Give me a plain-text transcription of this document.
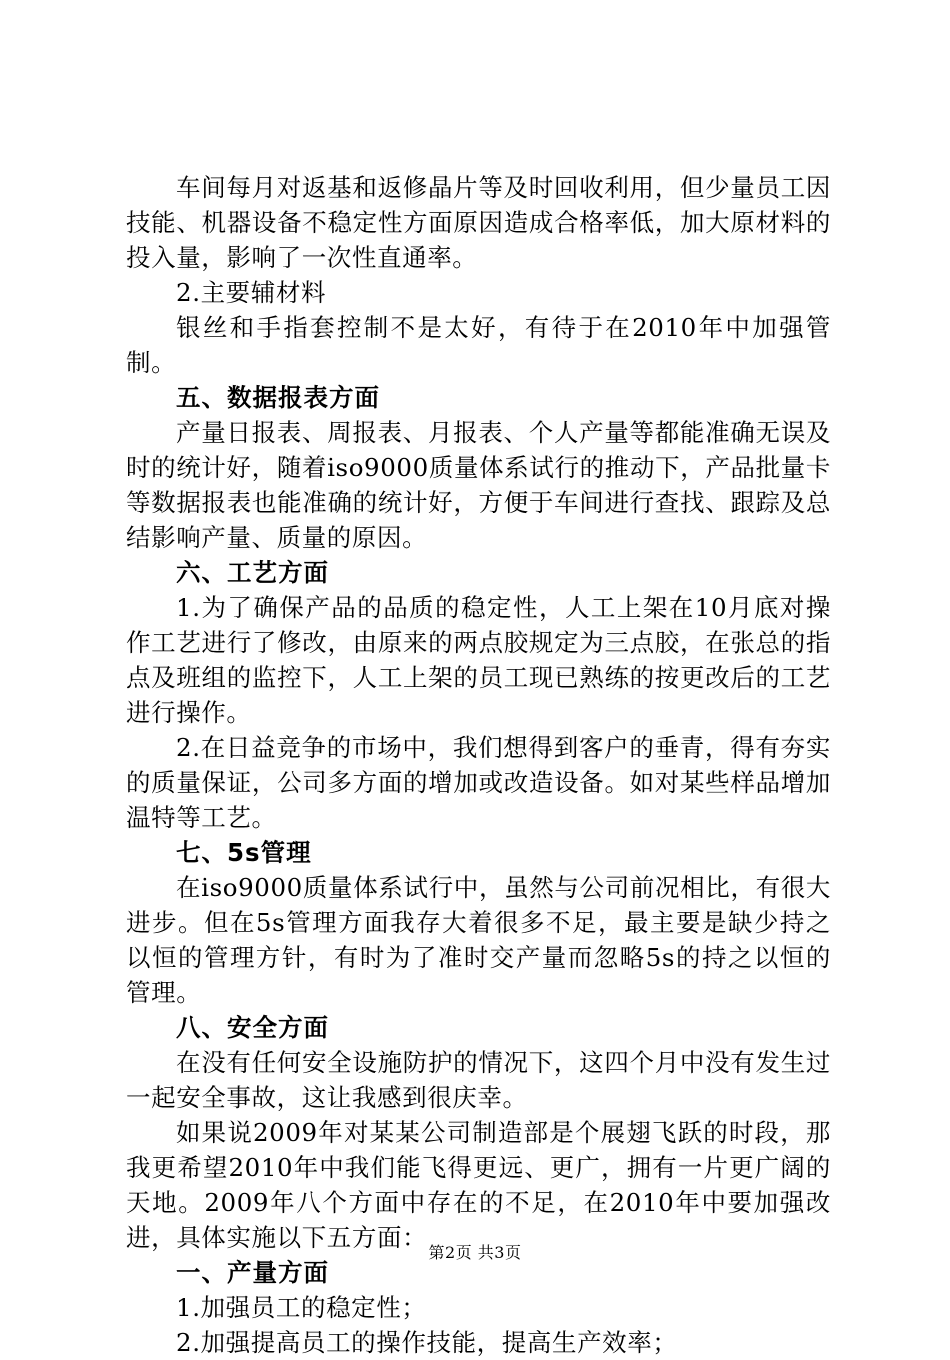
车间每月对返基和返修晶片等及时回收利用，但少量员工因技能、机器设备不稳定性方面原因造成合格率低，加大原材料的投入量，影响了一次性直通率。

2.主要辅材料

银丝和手指套控制不是太好，有待于在2010年中加强管制。

五、数据报表方面

产量日报表、周报表、月报表、个人产量等都能准确无误及时的统计好，随着iso9000质量体系试行的推动下，产品批量卡等数据报表也能准确的统计好，方便于车间进行查找、跟踪及总结影响产量、质量的原因。

六、工艺方面

1.为了确保产品的品质的稳定性，人工上架在10月底对操作工艺进行了修改，由原来的两点胶规定为三点胶，在张总的指点及班组的监控下，人工上架的员工现已熟练的按更改后的工艺进行操作。

2.在日益竞争的市场中，我们想得到客户的垂青，得有夯实的质量保证，公司多方面的增加或改造设备。如对某些样品增加温特等工艺。

七、5s管理

在iso9000质量体系试行中，虽然与公司前况相比，有很大进步。但在5s管理方面我存大着很多不足，最主要是缺少持之以恒的管理方针，有时为了准时交产量而忽略5s的持之以恒的管理。

八、安全方面

在没有任何安全设施防护的情况下，这四个月中没有发生过一起安全事故，这让我感到很庆幸。

如果说2009年对某某公司制造部是个展翅飞跃的时段，那我更希望2010年中我们能飞得更远、更广，拥有一片更广阔的天地。2009年八个方面中存在的不足，在2010年中要加强改进，具体实施以下五方面：

一、产量方面

1.加强员工的稳定性；

2.加强提高员工的操作技能，提高生产效率；

第2页 共3页
